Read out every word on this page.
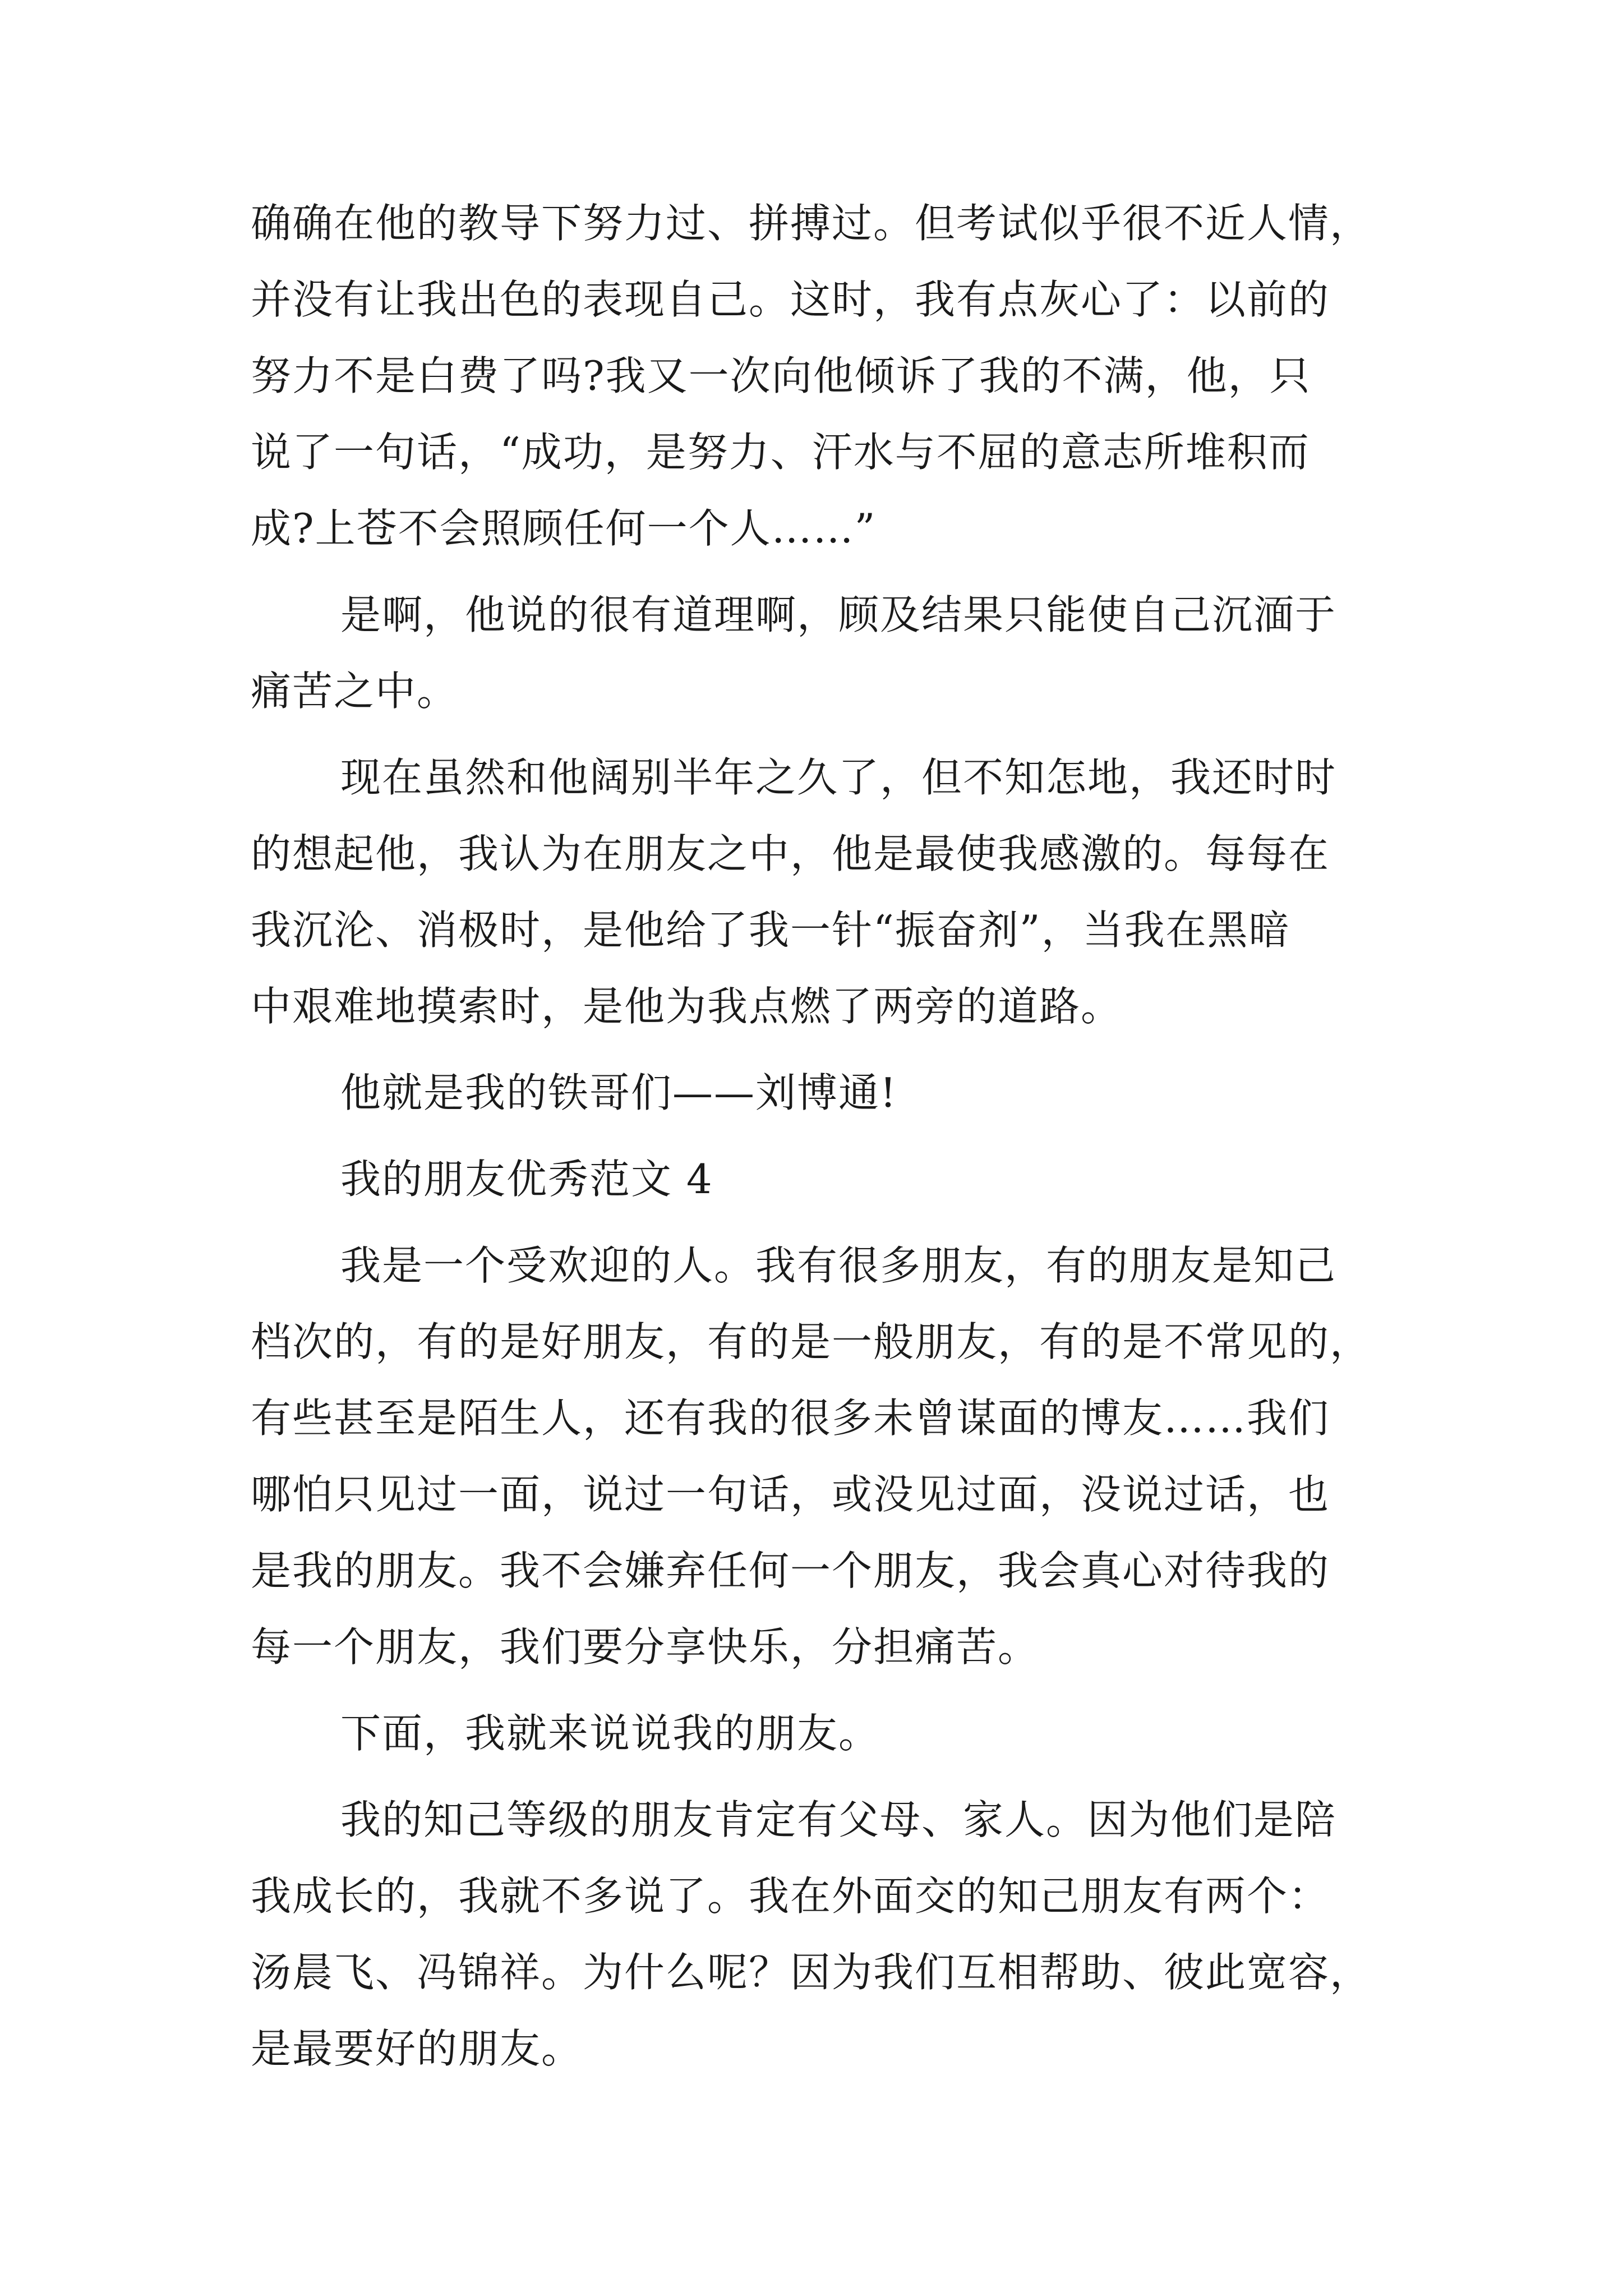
确确在他的教导下努力过、拼搏过。但考试似乎很不近人情，
并没有让我出色的表现自己。这时，我有点灰心了：以前的
努力不是白费了吗?我又一次向他倾诉了我的不满，他，只
说了一句话，“成功，是努力、汗水与不屈的意志所堆积而
成?上苍不会照顾任何一个人……”
是啊，他说的很有道理啊，顾及结果只能使自己沉湎于
痛苦之中。
现在虽然和他阔别半年之久了，但不知怎地，我还时时
的想起他，我认为在朋友之中，他是最使我感激的。每每在
我沉沦、消极时，是他给了我一针“振奋剂”，当我在黑暗
中艰难地摸索时，是他为我点燃了两旁的道路。
他就是我的铁哥们——刘博通!
我的朋友优秀范文 4
我是一个受欢迎的人。我有很多朋友，有的朋友是知己
档次的，有的是好朋友，有的是一般朋友，有的是不常见的，
有些甚至是陌生人，还有我的很多未曾谋面的博友……我们
哪怕只见过一面，说过一句话，或没见过面，没说过话，也
是我的朋友。我不会嫌弃任何一个朋友，我会真心对待我的
每一个朋友，我们要分享快乐，分担痛苦。
下面，我就来说说我的朋友。
我的知己等级的朋友肯定有父母、家人。因为他们是陪
我成长的，我就不多说了。我在外面交的知己朋友有两个：
汤晨飞、冯锦祥。为什么呢？因为我们互相帮助、彼此宽容，
是最要好的朋友。
